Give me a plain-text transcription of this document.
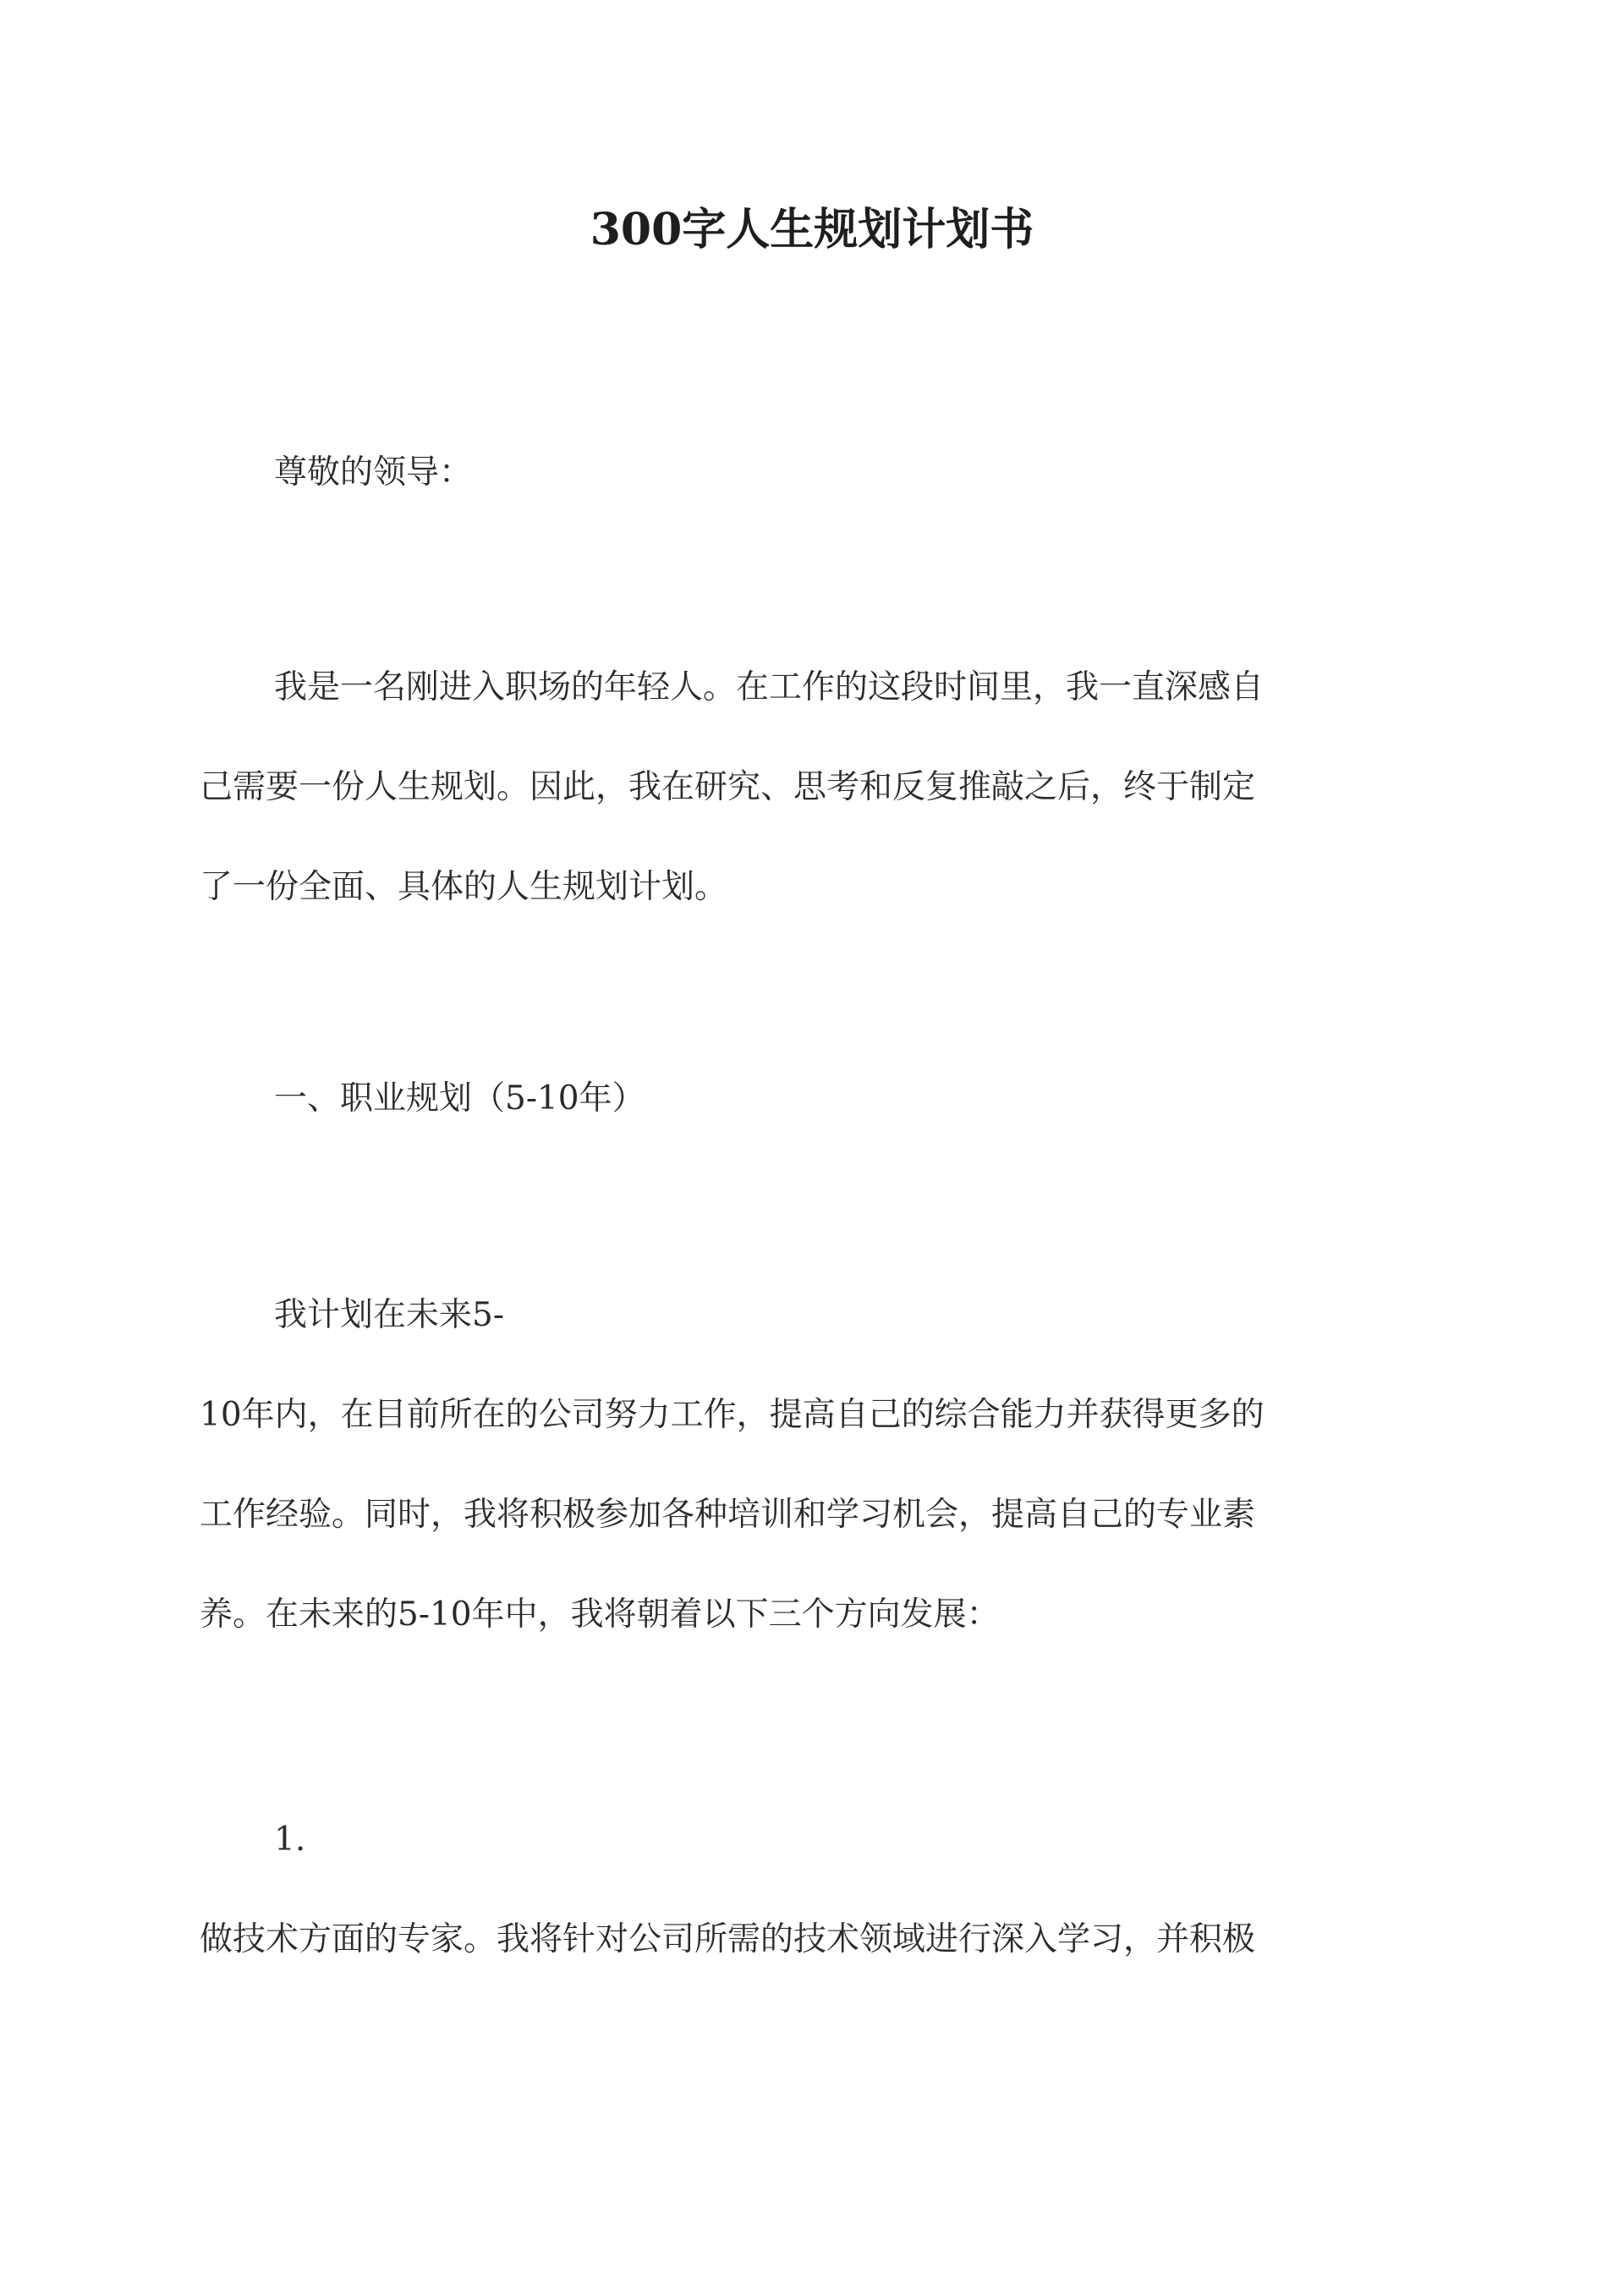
300字人生规划计划书
尊敬的领导：
我是一名刚进入职场的年轻人。在工作的这段时间里，我一直深感自
己需要一份人生规划。因此，我在研究、思考和反复推敲之后，终于制定
了一份全面、具体的人生规划计划。
一、职业规划（5-10年）
我计划在未来5-
10年内，在目前所在的公司努力工作，提高自己的综合能力并获得更多的
工作经验。同时，我将积极参加各种培训和学习机会，提高自己的专业素
养。在未来的5-10年中，我将朝着以下三个方向发展：
1.
做技术方面的专家。我将针对公司所需的技术领域进行深入学习，并积极
